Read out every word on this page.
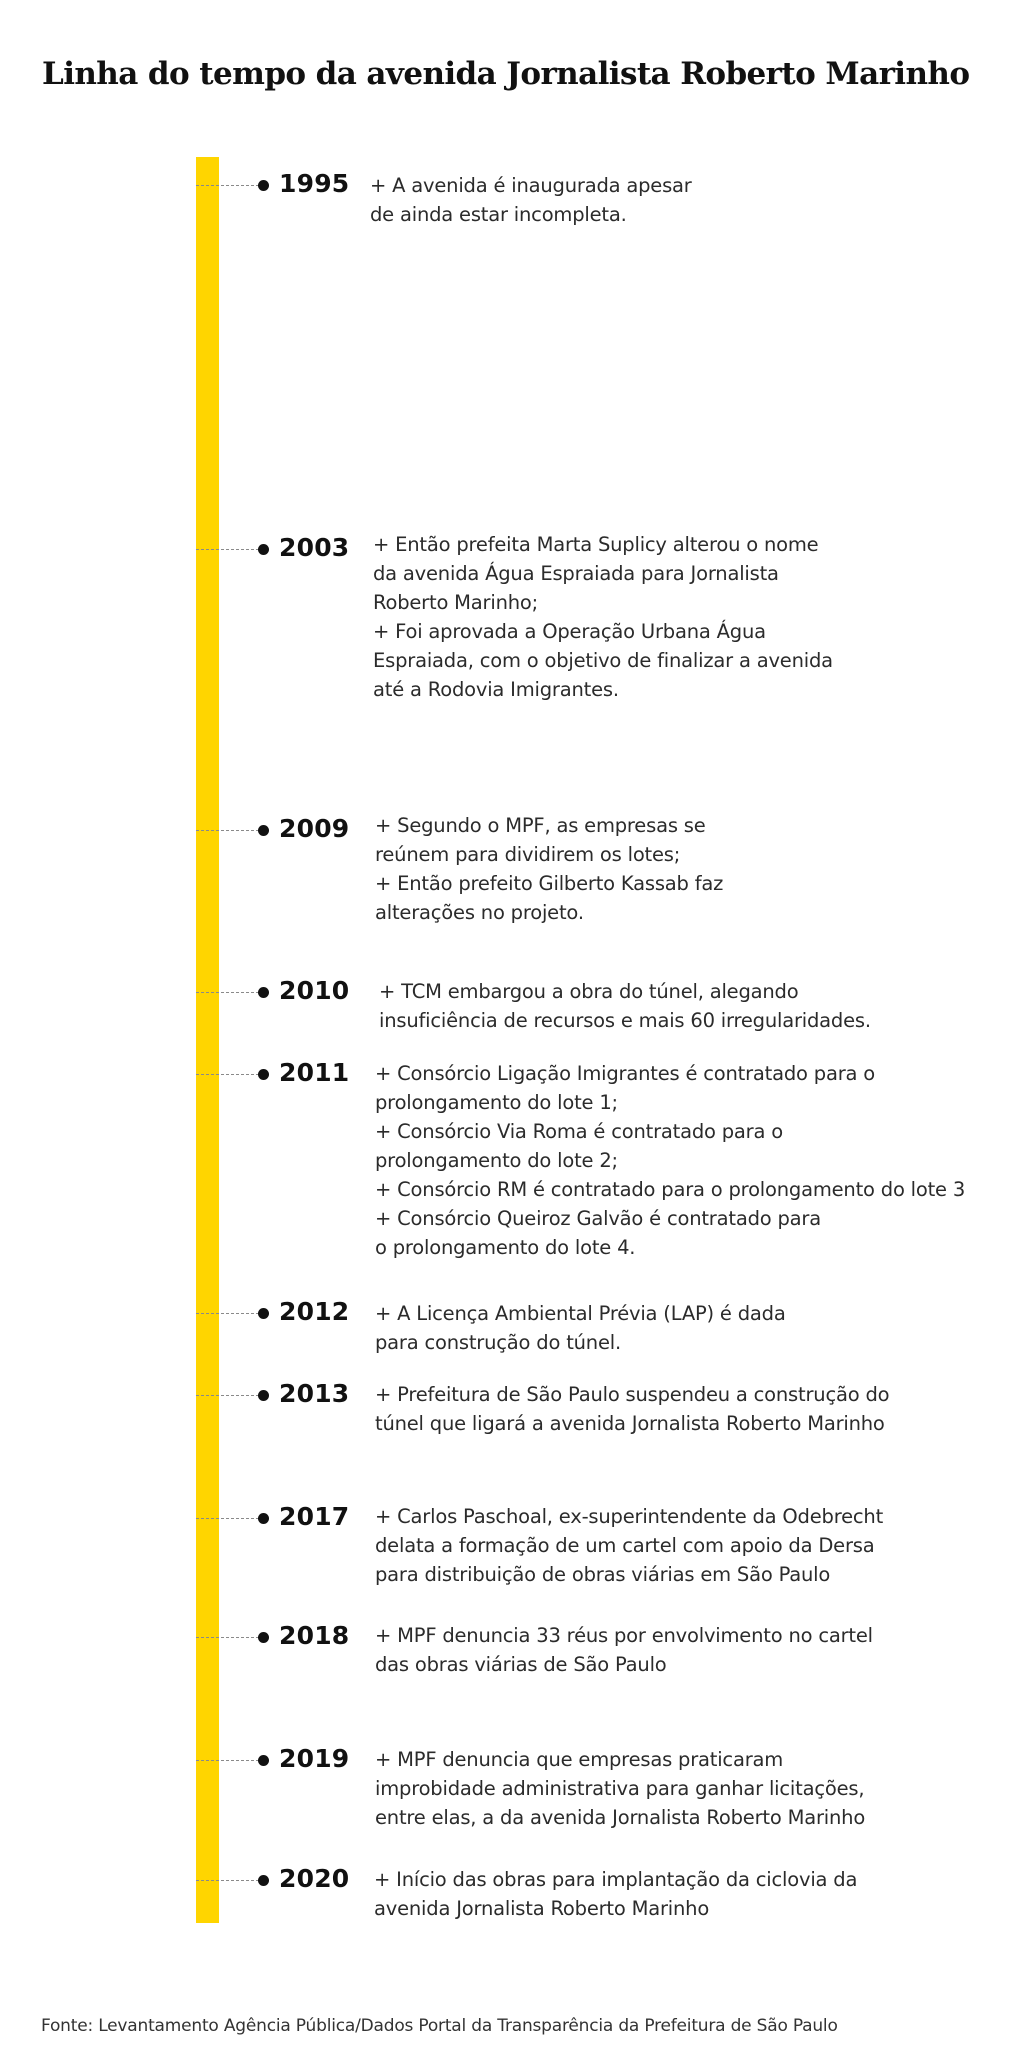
Linha do tempo da avenida Jornalista Roberto Marinho
1995 + A avenida é inaugurada apesar
de ainda estar incompleta.
2003 + Então prefeita Marta Suplicy alterou o nome
da avenida Água Espraiada para Jornalista
Roberto Marinho;
+ Foi aprovada a Operação Urbana Água
Espraiada, com o objetivo de finalizar a avenida
até a Rodovia Imigrantes.
2009 + Segundo o MPF, as empresas se
reúnem para dividirem os lotes;
+ Então prefeito Gilberto Kassab faz
alterações no projeto.
2010 + TCM embargou a obra do túnel, alegando
insuficiência de recursos e mais 60 irregularidades.
2011 + Consórcio Ligação Imigrantes é contratado para o
prolongamento do lote 1;
+ Consórcio Via Roma é contratado para o
prolongamento do lote 2;
+ Consórcio RM é contratado para o prolongamento do lote 3
+ Consórcio Queiroz Galvão é contratado para
o prolongamento do lote 4.
2012 + A Licença Ambiental Prévia (LAP) é dada
para construção do túnel.
2013 + Prefeitura de São Paulo suspendeu a construção do
túnel que ligará a avenida Jornalista Roberto Marinho
2017 + Carlos Paschoal, ex-superintendente da Odebrecht
delata a formação de um cartel com apoio da Dersa
para distribuição de obras viárias em São Paulo
2018 + MPF denuncia 33 réus por envolvimento no cartel
das obras viárias de São Paulo
2019 + MPF denuncia que empresas praticaram
improbidade administrativa para ganhar licitações,
entre elas, a da avenida Jornalista Roberto Marinho
2020 + Início das obras para implantação da ciclovia da
avenida Jornalista Roberto Marinho
Fonte: Levantamento Agência Pública/Dados Portal da Transparência da Prefeitura de São Paulo
